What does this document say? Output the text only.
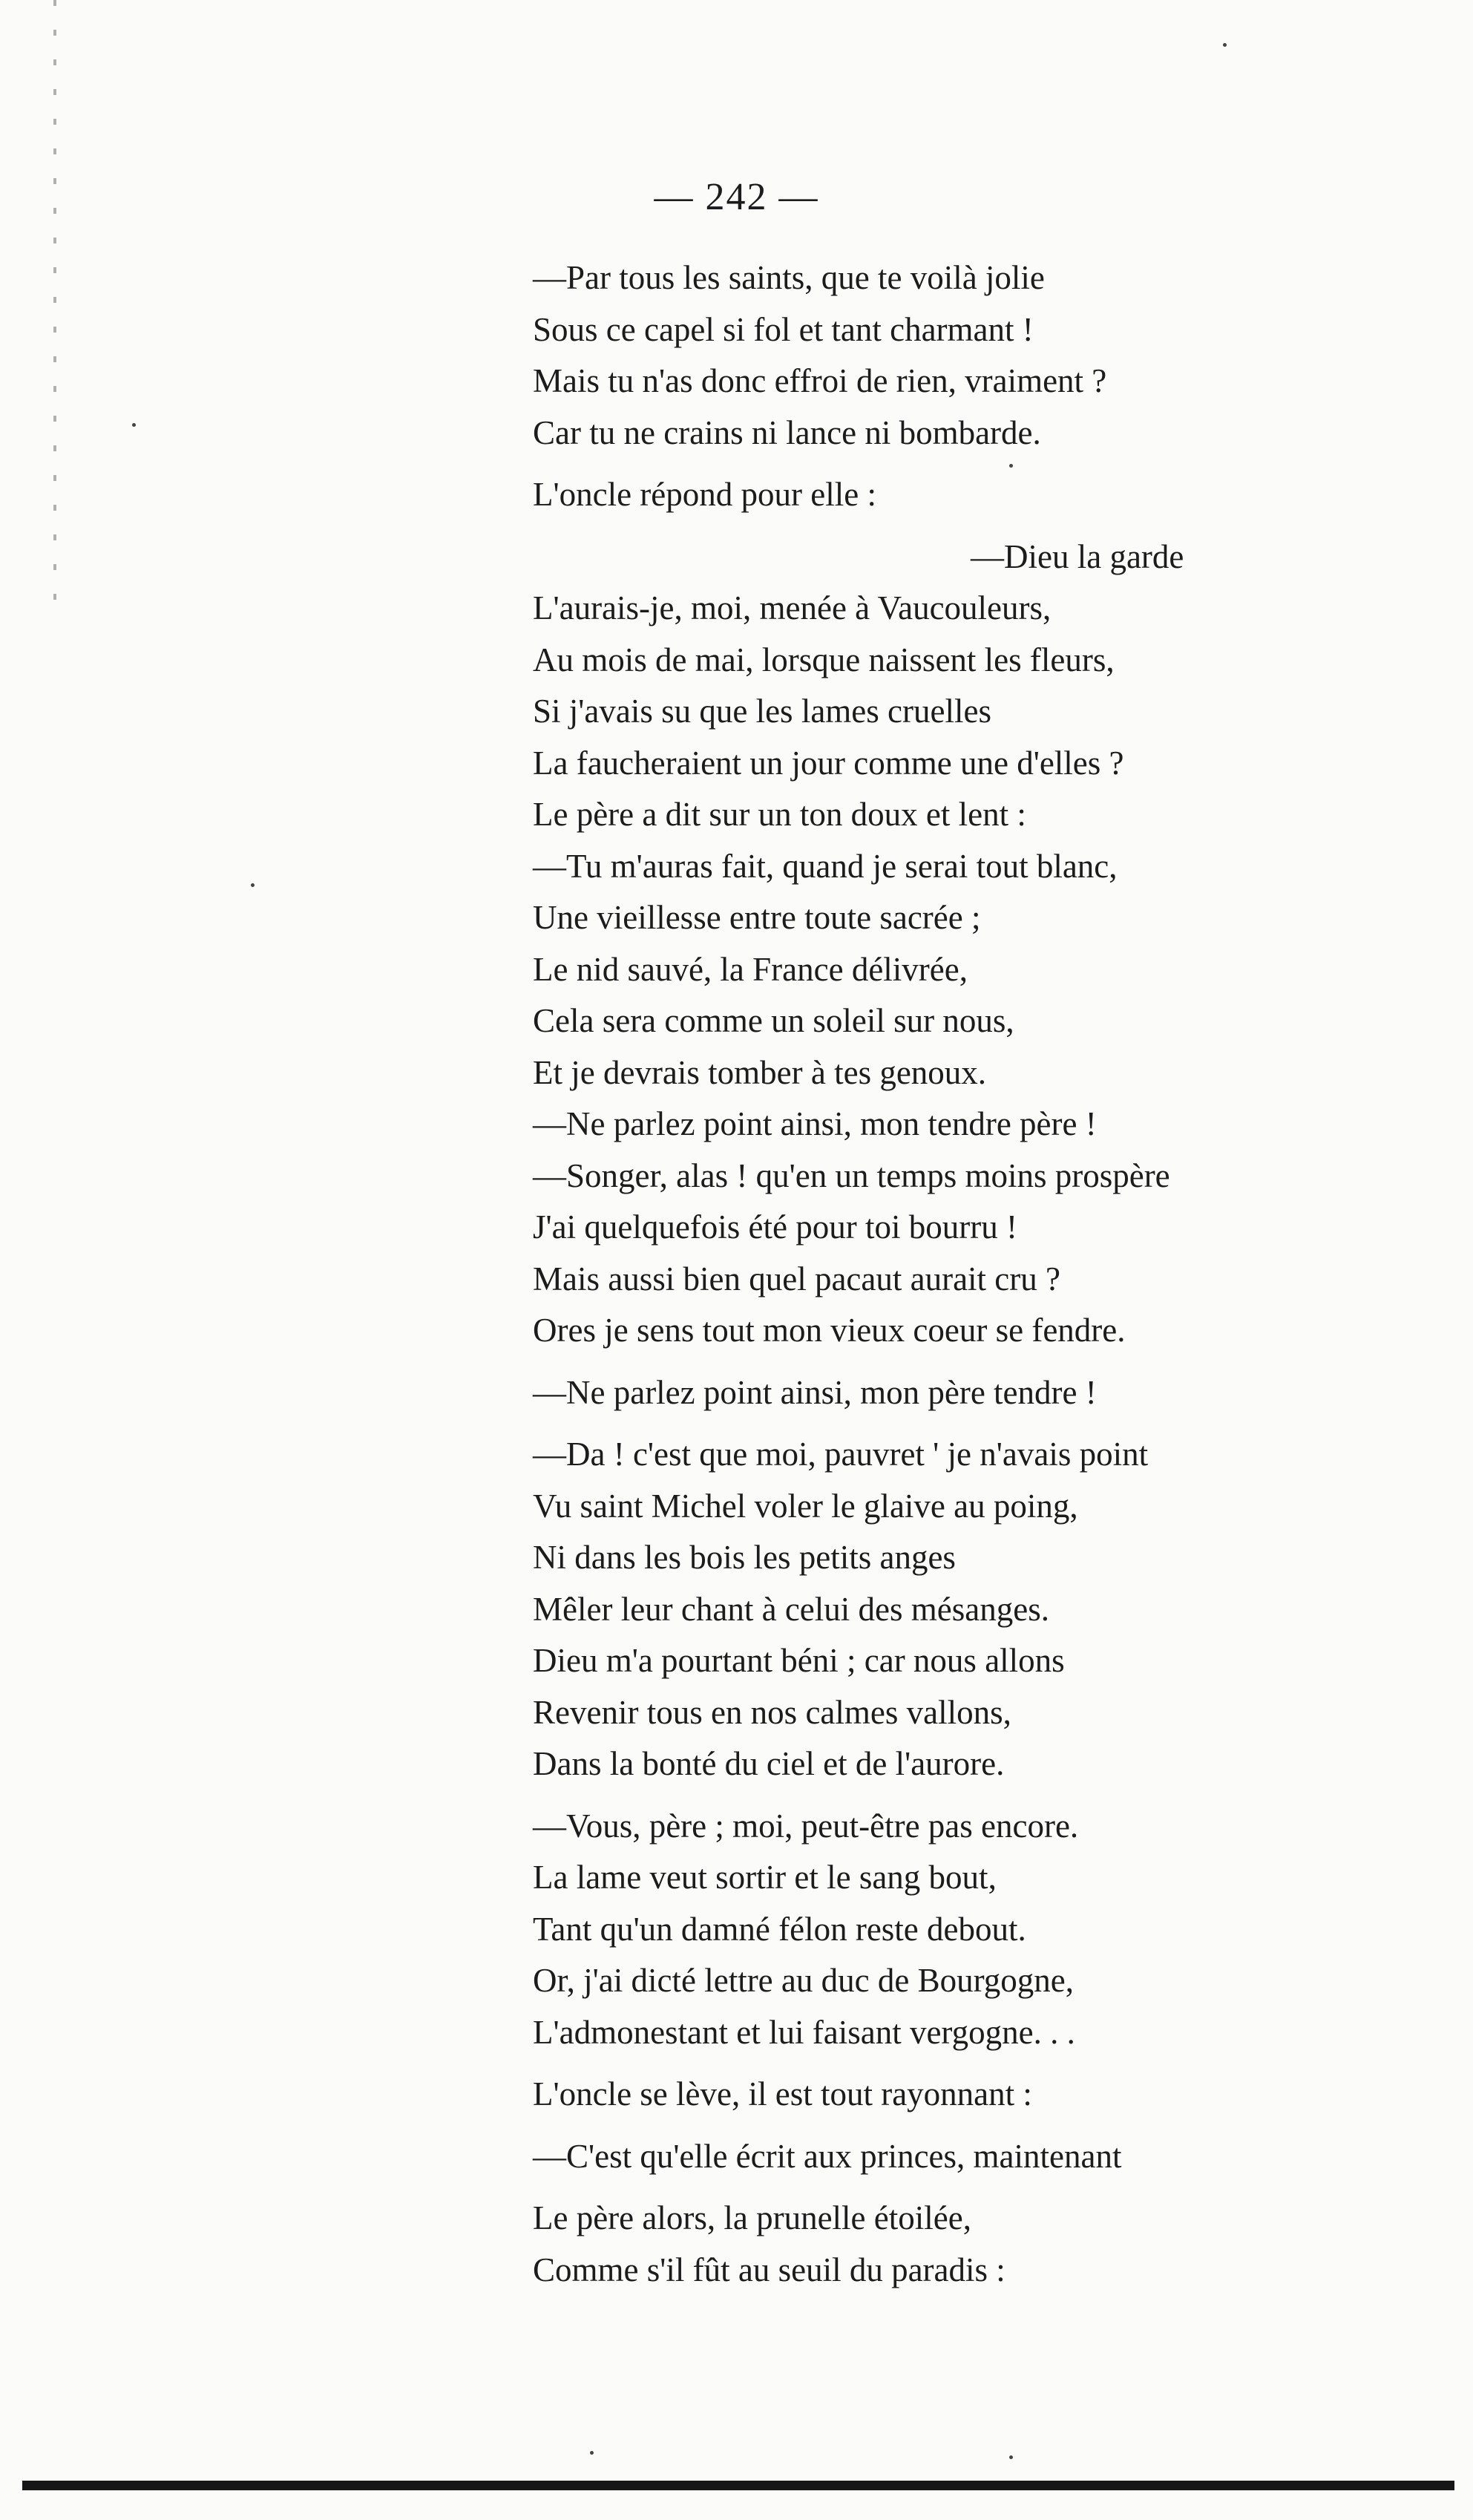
— 242 —
—Par tous les saints, que te voilà jolie
Sous ce capel si fol et tant charmant !
Mais tu n'as donc effroi de rien, vraiment ?
Car tu ne crains ni lance ni bombarde.
L'oncle répond pour elle :
—Dieu la garde
L'aurais-je, moi, menée à Vaucouleurs,
Au mois de mai, lorsque naissent les fleurs,
Si j'avais su que les lames cruelles
La faucheraient un jour comme une d'elles ?
Le père a dit sur un ton doux et lent :
—Tu m'auras fait, quand je serai tout blanc,
Une vieillesse entre toute sacrée ;
Le nid sauvé, la France délivrée,
Cela sera comme un soleil sur nous,
Et je devrais tomber à tes genoux.
—Ne parlez point ainsi, mon tendre père !
—Songer, alas ! qu'en un temps moins prospère
J'ai quelquefois été pour toi bourru !
Mais aussi bien quel pacaut aurait cru ?
Ores je sens tout mon vieux coeur se fendre.
—Ne parlez point ainsi, mon père tendre !
—Da ! c'est que moi, pauvret ' je n'avais point
Vu saint Michel voler le glaive au poing,
Ni dans les bois les petits anges
Mêler leur chant à celui des mésanges.
Dieu m'a pourtant béni ; car nous allons
Revenir tous en nos calmes vallons,
Dans la bonté du ciel et de l'aurore.
—Vous, père ; moi, peut-être pas encore.
La lame veut sortir et le sang bout,
Tant qu'un damné félon reste debout.
Or, j'ai dicté lettre au duc de Bourgogne,
L'admonestant et lui faisant vergogne. . .
L'oncle se lève, il est tout rayonnant :
—C'est qu'elle écrit aux princes, maintenant
Le père alors, la prunelle étoilée,
Comme s'il fût au seuil du paradis :
